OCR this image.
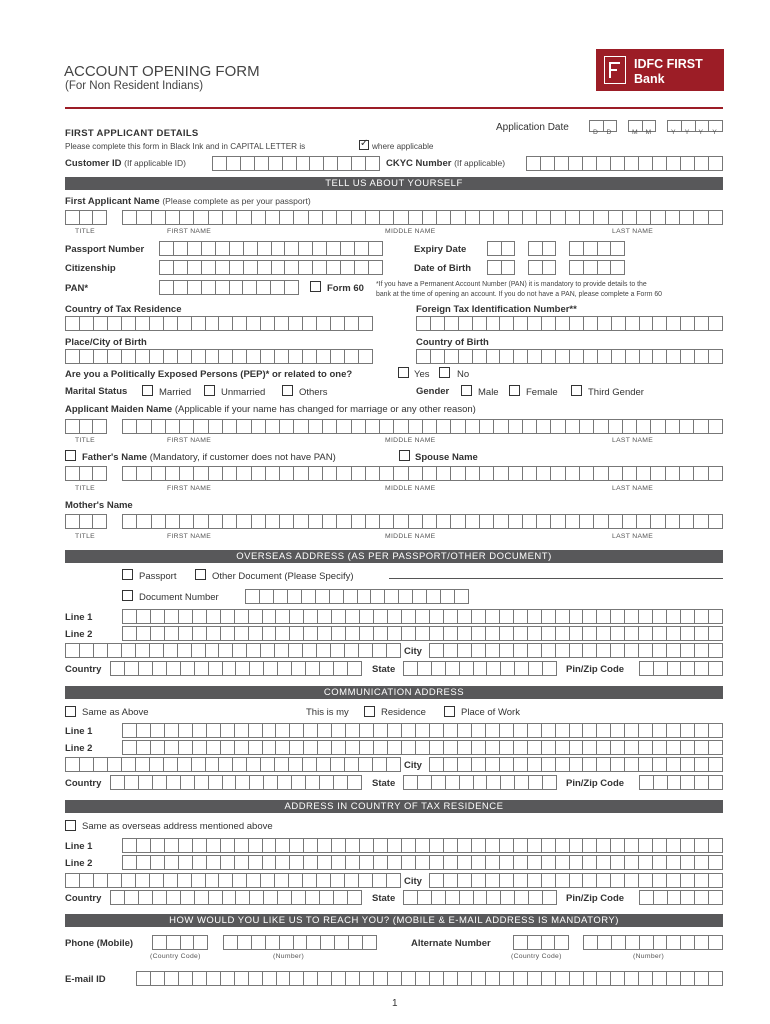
ACCOUNT OPENING FORM
(For Non Resident Indians)
IDFC FIRST
Bank
Application Date	D	D	M	M	Y	Y	Y	Y
FIRST APPLICANT DETAILS
Please complete this form in Black Ink and in CAPITAL LETTER is	✓ where applicable
Customer ID (If applicable ID)	CKYC Number (If applicable)
TELL US ABOUT YOURSELF
First Applicant Name (Please complete as per your passport)
TITLE	FIRST NAME	MIDDLE NAME	LAST NAME
Passport Number	Expiry Date
Citizenship	Date of Birth
PAN*	Form 60 *If you have a Permanent Account Number (PAN) it is mandatory to provide details to the
bank at the time of opening an account. If you do not have a PAN, please complete a Form 60
Country of Tax Residence	Foreign Tax Identification Number**
Place/City of Birth	Country of Birth
Are you a Politically Exposed Persons (PEP)* or related to one?	Yes	No
Marital Status	Married	Unmarried	Others	Gender	Male	Female	Third Gender
Applicant Maiden Name (Applicable if your name has changed for marriage or any other reason)
TITLE	FIRST NAME	MIDDLE NAME	LAST NAME
Father's Name (Mandatory, if customer does not have PAN)	Spouse Name
TITLE	FIRST NAME	MIDDLE NAME	LAST NAME
Mother's Name
TITLE	FIRST NAME	MIDDLE NAME	LAST NAME
OVERSEAS ADDRESS (AS PER PASSPORT/OTHER DOCUMENT)
Passport	Other Document (Please Specify)
Document Number
Line 1
Line 2
City
Country	State	Pin/Zip Code
COMMUNICATION ADDRESS
Same as Above	This is my	Residence	Place of Work
Line 1
Line 2
City
Country	State	Pin/Zip Code
ADDRESS IN COUNTRY OF TAX RESIDENCE
Same as overseas address mentioned above
Line 1
Line 2
City
Country	State	Pin/Zip Code
HOW WOULD YOU LIKE US TO REACH YOU? (MOBILE & E-MAIL ADDRESS IS MANDATORY)
Phone (Mobile)
(Country Code)	(Number)
Alternate Number
(Country Code)	(Number)
E-mail ID
1
